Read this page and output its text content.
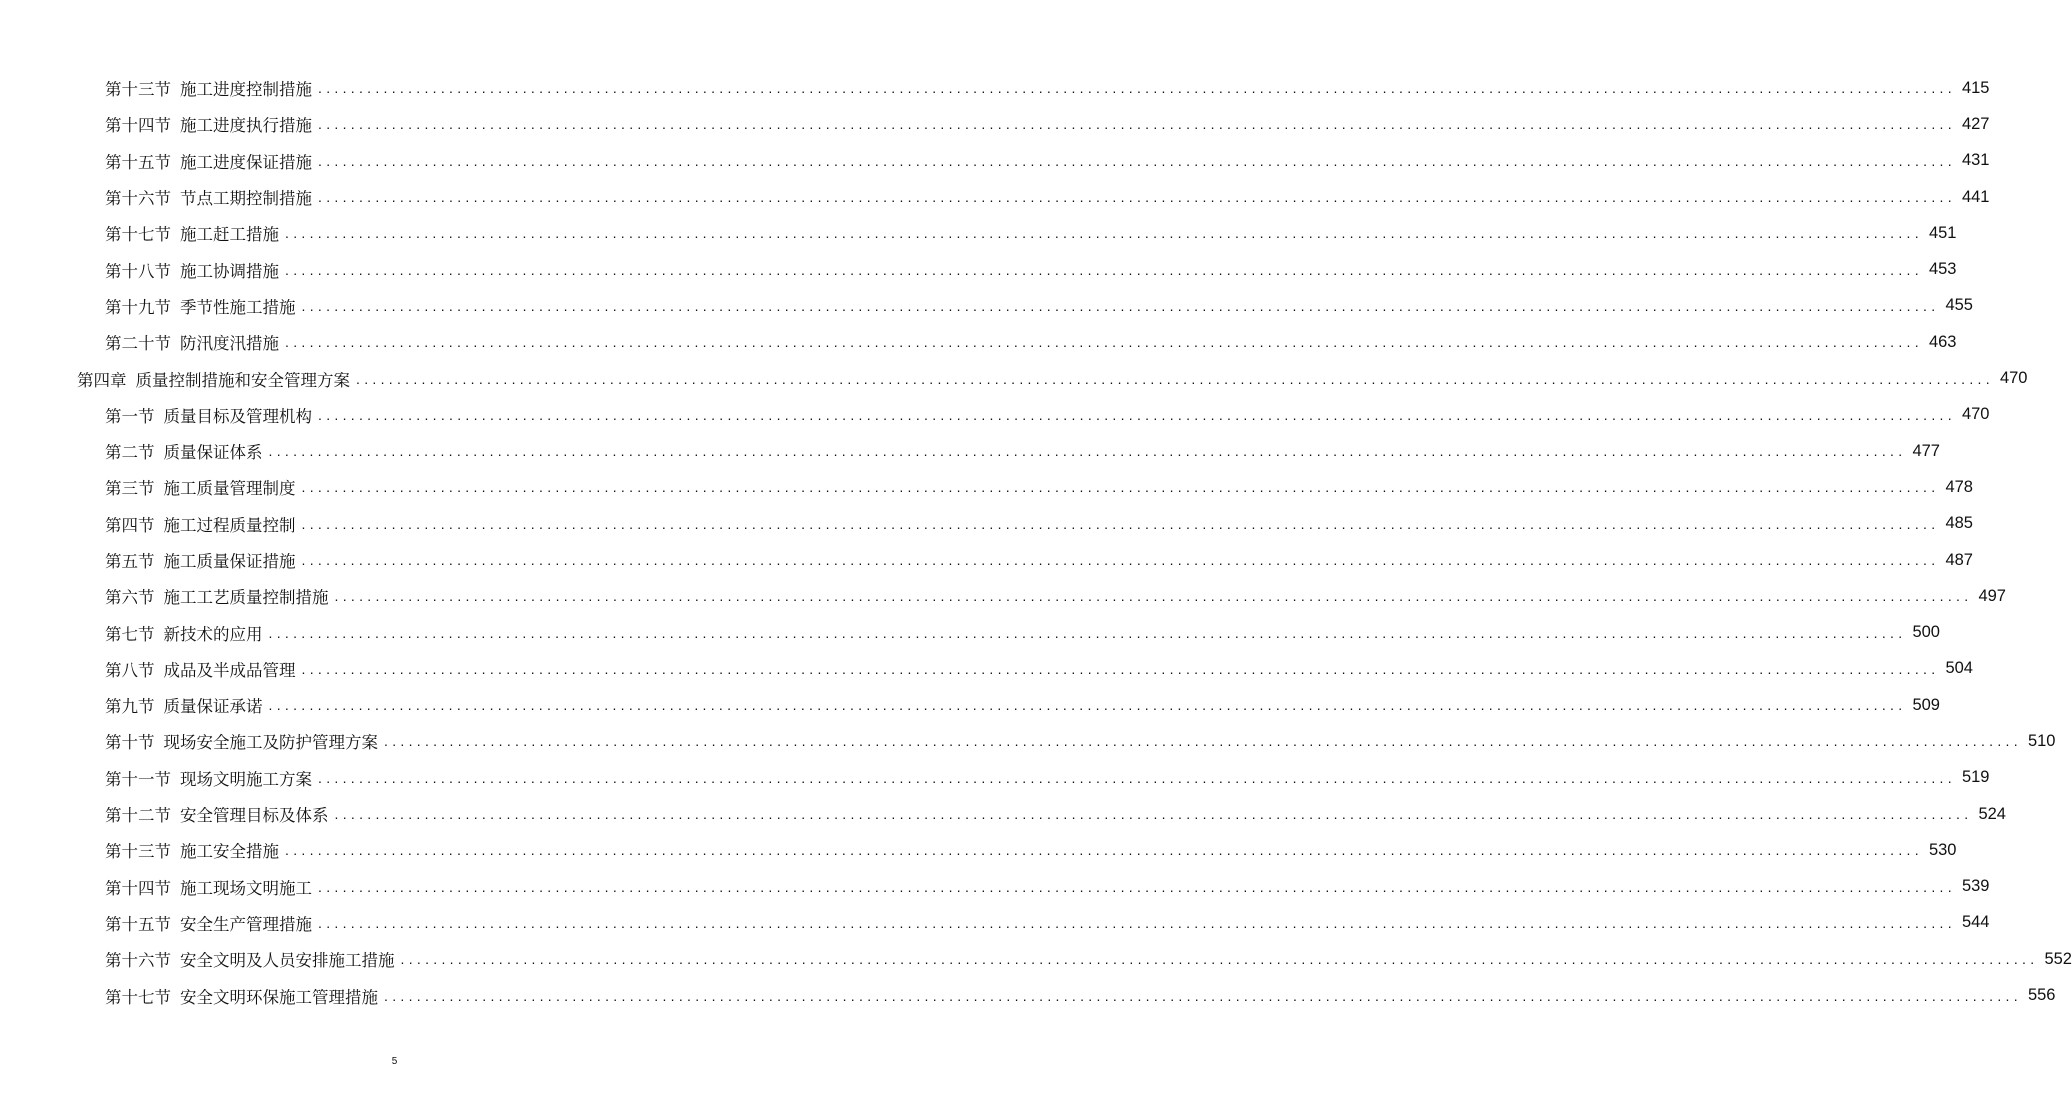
第十三节 施工进度控制措施 ........................................................................................................................................................................................................ 415
第十四节 施工进度执行措施 ........................................................................................................................................................................................................ 427
第十五节 施工进度保证措施 ........................................................................................................................................................................................................ 431
第十六节 节点工期控制措施 ........................................................................................................................................................................................................ 441
第十七节 施工赶工措施 ........................................................................................................................................................................................................ 451
第十八节 施工协调措施 ........................................................................................................................................................................................................ 453
第十九节 季节性施工措施 ........................................................................................................................................................................................................ 455
第二十节 防汛度汛措施 ........................................................................................................................................................................................................ 463
第四章 质量控制措施和安全管理方案 ........................................................................................................................................................................................................ 470
第一节 质量目标及管理机构 ........................................................................................................................................................................................................ 470
第二节 质量保证体系 ........................................................................................................................................................................................................ 477
第三节 施工质量管理制度 ........................................................................................................................................................................................................ 478
第四节 施工过程质量控制 ........................................................................................................................................................................................................ 485
第五节 施工质量保证措施 ........................................................................................................................................................................................................ 487
第六节 施工工艺质量控制措施 ........................................................................................................................................................................................................ 497
第七节 新技术的应用 ........................................................................................................................................................................................................ 500
第八节 成品及半成品管理 ........................................................................................................................................................................................................ 504
第九节 质量保证承诺 ........................................................................................................................................................................................................ 509
第十节 现场安全施工及防护管理方案 ........................................................................................................................................................................................................ 510
第十一节 现场文明施工方案 ........................................................................................................................................................................................................ 519
第十二节 安全管理目标及体系 ........................................................................................................................................................................................................ 524
第十三节 施工安全措施 ........................................................................................................................................................................................................ 530
第十四节 施工现场文明施工 ........................................................................................................................................................................................................ 539
第十五节 安全生产管理措施 ........................................................................................................................................................................................................ 544
第十六节 安全文明及人员安排施工措施 ........................................................................................................................................................................................................ 552
第十七节 安全文明环保施工管理措施 ........................................................................................................................................................................................................ 556
5
